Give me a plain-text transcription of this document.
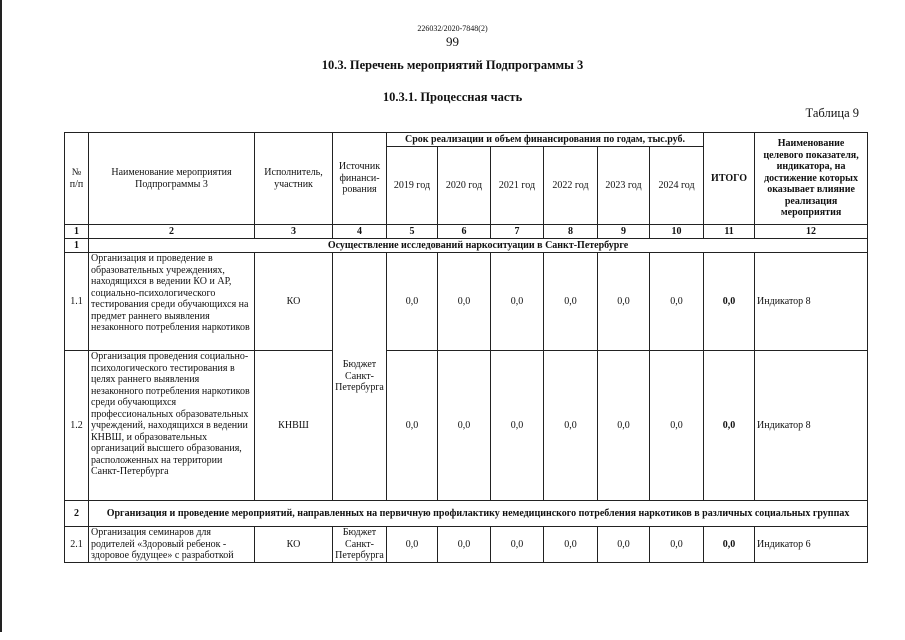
226032/2020-7848(2)
99
10.3. Перечень мероприятий Подпрограммы 3
10.3.1. Процессная часть
Таблица 9
№ п/п	Наименование мероприятия Подпрограммы 3	Исполнитель, участник	Источник финанси-рования	Срок реализации и объем финансирования по годам, тыс.руб.						ИТОГО	Наименование целевого показателя, индикатора, на достижение которых оказывает влияние реализация мероприятия
				2019 год	2020 год	2021 год	2022 год	2023 год	2024 год		
1	2	3	4	5	6	7	8	9	10	11	12
1	Осуществление исследований наркоситуации в Санкт-Петербурге										
1.1	Организация и проведение в образовательных учреждениях, находящихся в ведении КО и АР, социально-психологического тестирования среди обучающихся на предмет раннего выявления незаконного потребления наркотиков	КО	Бюджет Санкт-Петербурга	0,0	0,0	0,0	0,0	0,0	0,0	0,0	Индикатор 8
1.2	Организация проведения социально-психологического тестирования в целях раннего выявления незаконного потребления наркотиков среди обучающихся профессиональных образовательных учреждений, находящихся в ведении КНВШ, и образовательных организаций высшего образования, расположенных на территории Санкт-Петербурга	КНВШ		0,0	0,0	0,0	0,0	0,0	0,0	0,0	Индикатор 8
2	Организация и проведение мероприятий, направленных на первичную профилактику немедицинского потребления наркотиков в различных социальных группах										
2.1	Организация семинаров для родителей «Здоровый ребенок - здоровое будущее» с разработкой	КО	Бюджет Санкт-Петербурга	0,0	0,0	0,0	0,0	0,0	0,0	0,0	Индикатор 6
